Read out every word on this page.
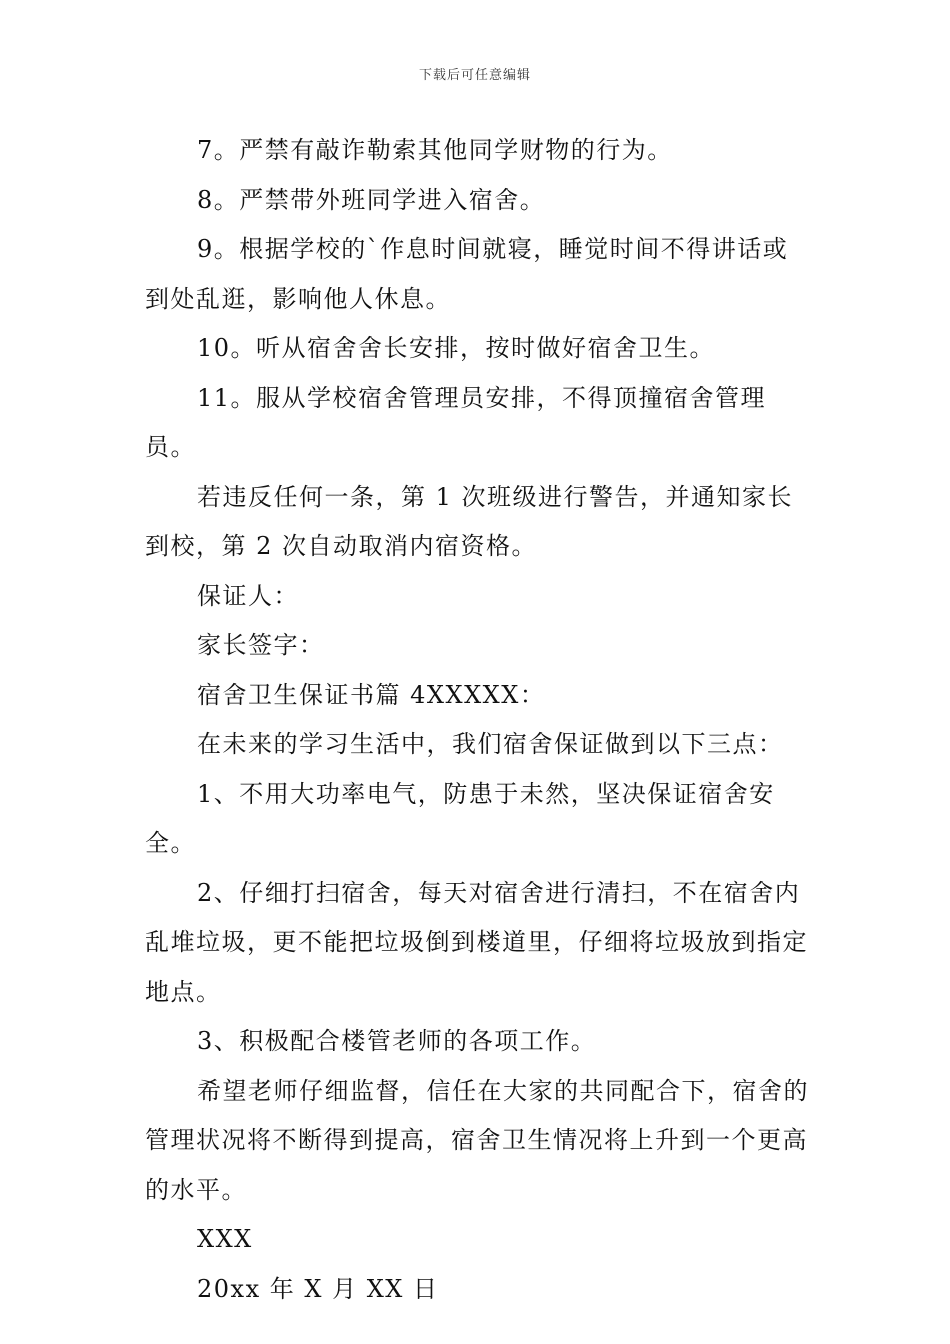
下载后可任意编辑

7。严禁有敲诈勒索其他同学财物的行为。

8。严禁带外班同学进入宿舍。

9。根据学校的`作息时间就寝，睡觉时间不得讲话或到处乱逛，影响他人休息。

10。听从宿舍舍长安排，按时做好宿舍卫生。

11。服从学校宿舍管理员安排，不得顶撞宿舍管理员。

若违反任何一条，第 1 次班级进行警告，并通知家长到校，第 2 次自动取消内宿资格。

保证人：

家长签字：

宿舍卫生保证书篇 4XXXXX：

在未来的学习生活中，我们宿舍保证做到以下三点：

1、不用大功率电气，防患于未然，坚决保证宿舍安全。

2、仔细打扫宿舍，每天对宿舍进行清扫，不在宿舍内乱堆垃圾，更不能把垃圾倒到楼道里，仔细将垃圾放到指定地点。

3、积极配合楼管老师的各项工作。

希望老师仔细监督，信任在大家的共同配合下，宿舍的管理状况将不断得到提高，宿舍卫生情况将上升到一个更高的水平。

XXX

20xx 年 X 月 XX 日
